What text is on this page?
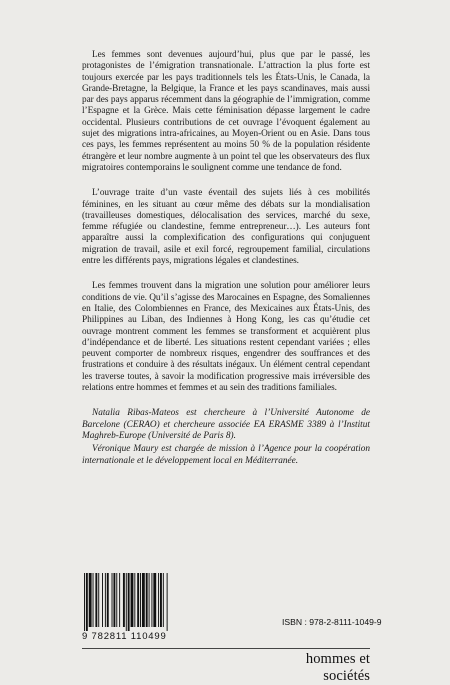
Les femmes sont devenues aujourd’hui, plus que par le passé, les protagonistes de l’émigration transnationale. L’attraction la plus forte est toujours exercée par les pays traditionnels tels les États-Unis, le Canada, la Grande-Bretagne, la Belgique, la France et les pays scandinaves, mais aussi par des pays apparus récemment dans la géographie de l’immigration, comme l’Espagne et la Grèce. Mais cette féminisation dépasse largement le cadre occidental. Plusieurs contributions de cet ouvrage l’évoquent également au sujet des migrations intra-africaines, au Moyen-Orient ou en Asie. Dans tous ces pays, les femmes représentent au moins 50 % de la population résidente étrangère et leur nombre augmente à un point tel que les observateurs des flux migratoires contemporains le soulignent comme une tendance de fond.

L’ouvrage traite d’un vaste éventail des sujets liés à ces mobilités féminines, en les situant au cœur même des débats sur la mondialisation (travailleuses domestiques, délocalisation des services, marché du sexe, femme réfugiée ou clandestine, femme entrepreneur…). Les auteurs font apparaître aussi la complexification des configurations qui conjuguent migration de travail, asile et exil forcé, regroupement familial, circulations entre les différents pays, migrations légales et clandestines.

Les femmes trouvent dans la migration une solution pour améliorer leurs conditions de vie. Qu’il s’agisse des Marocaines en Espagne, des Somaliennes en Italie, des Colombiennes en France, des Mexicaines aux États-Unis, des Philippines au Liban, des Indiennes à Hong Kong, les cas qu’étudie cet ouvrage montrent comment les femmes se transforment et acquièrent plus d’indépendance et de liberté. Les situations restent cependant variées ; elles peuvent comporter de nombreux risques, engendrer des souffrances et des frustrations et conduire à des résultats inégaux. Un élément central cependant les traverse toutes, à savoir la modification progressive mais irréversible des relations entre hommes et femmes et au sein des traditions familiales.

Natalia Ribas-Mateos est chercheure à l’Université Autonome de Barcelone (CERAO) et chercheure associée EA ERASME 3389 à l’Institut Maghreb-Europe (Université de Paris 8).

Véronique Maury est chargée de mission à l’Agence pour la coopération internationale et le développement local en Méditerranée.

9 782811 110499
ISBN : 978-2-8111-1049-9
hommes et sociétés
